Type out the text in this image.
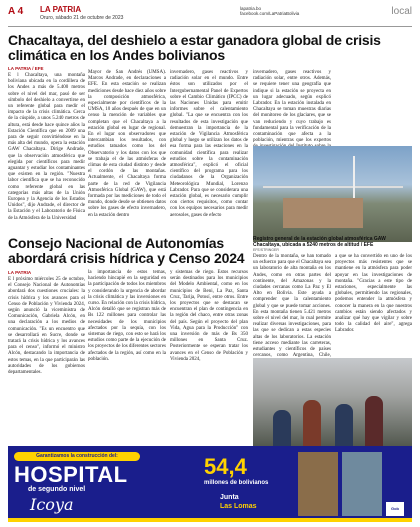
A 4 LA PATRIA
Oruro, sábado 21 de octubre de 2023
lapatria.bo
facebook.com/LaPatriaBolivia	local
Chacaltaya, del deshielo a estar ganadora global de crisis climática en los Andes bolivianos
LA PATRIA / EFE
E l Chacaltaya, una montaña boliviana ubicada en la cordillera de los Andes a más de 5.400 metros sobre el nivel del mar, pasó de ser símbolo del deshielo a convertirse en un referente global para medir el impacto de la crisis climática. Cerca de la cúspide, a unos 5.240 metros de altura, está desde hace quince años la Estación Científica que en 2009 una para de seguir convirtiéndose en la más alta del mundo, opera la estación GAW Chacaltaya. Dirige Andrade, que la observación atmosférica que elegida por científicos para medir aguantar y estudiar los contaminantes que existen en la región. "Nuestra labor científica que se ha reconocido como referente global en las categorías más altas de la Unión Europea y la Agencia de los Estados Unidos", dijo Andrade, el director de la Estación y el Laboratorio de Física de la Atmósfera de la Universidad
Mayor de San Andrés (UMSA). Marcos Andrade, en declaraciones a EFE. En esta estación se realizan mediciones desde hace diez años sobre la composición atmosférica, especialmente por científicos de la UMSA, 10 años después de que en un censo la mención de variables que completan que el Chacaltaya a la estación global en lugar de regional. En el lugar son observadores que intercambian los resultados, con estudios tatuados como los del Observatorio y los datos con los que se trabaja el de las atmósferas de climas de esta ciudad distinto y desde el cordón de las montañas. Actualmente, el Chacaltaya forma parte de la red de Vigilancia Atmosférica Global (GAW), que está formada por las mediciones de todo el mundo, donde desde se obtienen datos sobre los gases de efecto invernadero, en la estación dentro
invernadero, gases reactivos y radiación solar en el mundo. Entre éstos son utilizados por el Intergubernamental Panel de Expertos sobre el Cambio Climático (IPCC) de las Naciones Unidas para emitir informes sobre el calentamiento global. "La que se encuentra con los resultados de esta investigación que demuestran la importancia de la estación de Vigilancia Atmosférica global y luego se utilizan los datos de esa forma para las estaciones en la comunidad científica para realizar estudios sobre la contaminación atmosférica", explicó el oficial científico del programa para los ciudadanos de la Organización Meteorológica Mundial, Lorenzo Labrador. Para que se considerara una estación global, es necesario cumplir con ciertos requisitos, como contar con los equipos necesarios para medir aerosoles, gases de efecto
invernadero, gases reactivos y radiación solar, entre otros. Además, se requiere tener una geografía que indique si la estación se proyecta en un lugar adecuado, según explicó Labrador. En la estación instalada en Chacaltaya se toman muestras diarias del monitoreo de los glaciares, que se van reduciendo y cuyo trabajo es fundamental para la verificación de la contaminación que afecta a la población, mientras que los expertos
Registro general de la estación global atmosférica GAW Chacaltaya, ubicada a 5240 metros de altitud / EFE
EFE/STRINGER
Dentro de la montaña, se han tomado un esfuerzo para que el Chacaltaya sea un laboratorio de alta montaña en los Andes, como en otras partes del continente, del Amazonas y la ciudades cercanas como La Paz y El Alto en Bolivia. Este ayuda a comprender que la calentamiento global y que se puede tomar acciones. En esta montaña tienen 5.421 metros sobre el nivel del mar, lo cual permite realizar diversas investigaciones, para las que se dedican a estas especies altas de los laboratorios. La estación tiene acceso mediante las carreteras, estudiantes y científicos de países cercanos, como Argentina, Chile,
a que se ha convertido en uno de los proyectos más resistentes que se mantiene en la atmósfera para poder apoyar en las investigaciones de montaña. "Gracias a este tipo de estaciones, especialmente las globales, permitiendo las regionales, podemos entender la atmósfera y conocer la manera en la que nuestros cambios están siendo afectados y analizar qué hay que vigilar y sobre todo la calidad del aire", agrega Labrador.
Consejo Nacional de Autonomías abordará crisis hídrica y Censo 2024
LA PATRIA
E l próximo miércoles 25 de octubre, el Consejo Nacional de Autonomías abordará dos cuestiones cruciales: la crisis hídrica y los avances para el Censo de Población y Vivienda 2024, según anunció la viceministra de Comunicación, Gabriela Alcón, en una declaración a los medios de comunicación. "Es un encuentro que se desarrollará en Sucre, donde se tratará la crisis hídrica y los avances para el censo", informó el ministro Alcón, destacando la importancia de estos temas, en la que participarán las autoridades de los gobiernos departamentales.
la importancia de estos temas, haciendo hincapié en la seguridad en la participación de todos los miembros y considerando la urgencia de abordar la crisis climática y las inversiones en curso. En relación con la crisis hídrica, Alcón detalló que se registran más de Bs 122 millones para controlar las necesidades de los municipios afectados por la sequía, con los sistemas de riego, con esto se hará los estudios como parte de la ejecución de los proyectos de los diferentes sectores afectados de la región, así como en la población.
y sistemas de riego. Estos recursos serán destinados para los municipios del Modelo Ambiental, como en los municipios de Beni, La Paz, Santa Cruz, Tarija, Potosí, entre otros. Entre los proyectos que se destacan se encuentran el plan de contingencia en la región del chaco, entre otras zonas del país. Según el proyecto del plan Vida, Agua para la Producción" con una inversión de más de Bs 350 millones en Santa Cruz. Posteriormente se esperan tratar los avances en el Censo de Población y Vivienda 2024,
Garantizamos la construcción del:
HOSPITAL
de segundo nivel
Icoya
54,4
millones de bolivianos
Junta
Las Lomas	Gob
